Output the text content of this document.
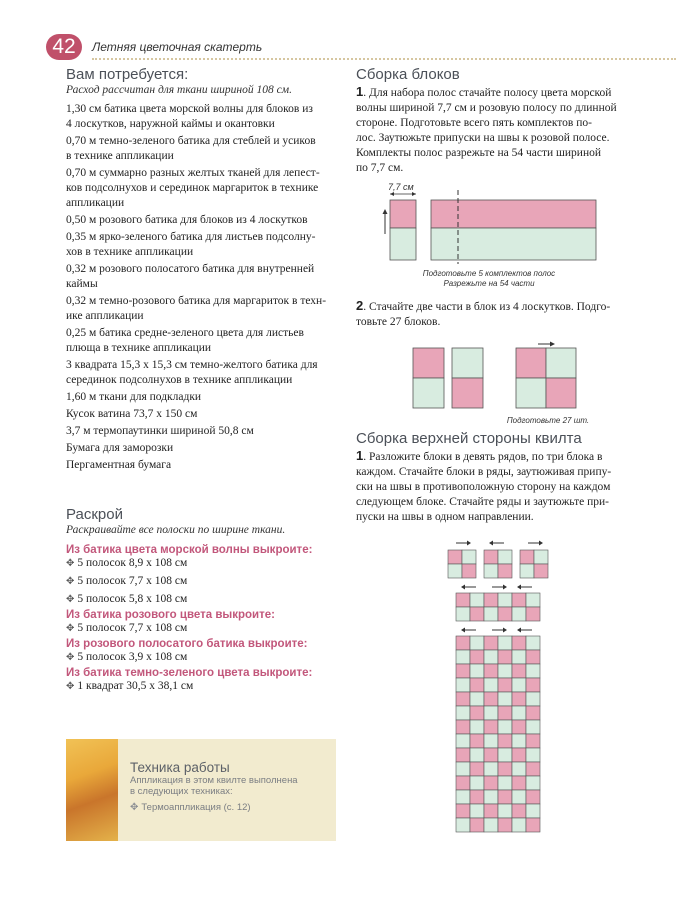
42	Летняя цветочная скатерть
Вам потребуется:
Расход рассчитан для ткани шириной 108 см.
1,30 см батика цвета морской волны для блоков из
4 лоскутков, наружной каймы и окантовки
0,70 м темно-зеленого батика для стеблей и усиков
в технике аппликации
0,70 м суммарно разных желтых тканей для лепест-
ков подсолнухов и серединок маргариток в технике
аппликации
0,50 м розового батика для блоков из 4 лоскутков
0,35 м ярко-зеленого батика для листьев подсолну-
хов в технике аппликации
0,32 м розового полосатого батика для внутренней
каймы
0,32 м темно-розового батика для маргариток в техн-
ике аппликации
0,25 м батика средне-зеленого цвета для листьев
плюща в технике аппликации
3 квадрата 15,3 x 15,3 см темно-желтого батика для
серединок подсолнухов в технике аппликации
1,60 м ткани для подкладки
Кусок ватина 73,7 x 150 см
3,7 м термопаутинки шириной 50,8 см
Бумага для заморозки
Пергаментная бумага
Раскрой
Раскраивайте все полоски по ширине ткани.
Из батика цвета морской волны выкроите:
✥ 5 полосок 8,9 x 108 см
✥ 5 полосок 7,7 x 108 см
✥ 5 полосок 5,8 x 108 см
Из батика розового цвета выкроите:
✥ 5 полосок 7,7 x 108 см
Из розового полосатого батика выкроите:
✥ 5 полосок 3,9 x 108 см
Из батика темно-зеленого цвета выкроите:
✥ 1 квадрат 30,5 x 38,1 см
Техника работы
Аппликация в этом квилте выполнена
в следующих техниках:
✥ Термоаппликация (с. 12)
Сборка блоков
1. Для набора полос стачайте полосу цвета морской
волны шириной 7,7 см и розовую полосу по длинной
стороне. Подготовьте всего пять комплектов по-
лос. Заутюжьте припуски на швы к розовой полосе.
Комплекты полос разрежьте на 54 части шириной
по 7,7 см.
7,7 см
Подготовьте 5 комплектов полос
Разрежьте на 54 части
2. Стачайте две части в блок из 4 лоскутков. Подго-
товьте 27 блоков.
Подготовьте 27 шт.
Сборка верхней стороны квилта
1. Разложите блоки в девять рядов, по три блока в
каждом. Стачайте блоки в ряды, заутюживая припу-
ски на швы в противоположную сторону на каждом
следующем блоке. Стачайте ряды и заутюжьте при-
пуски на швы в одном направлении.
